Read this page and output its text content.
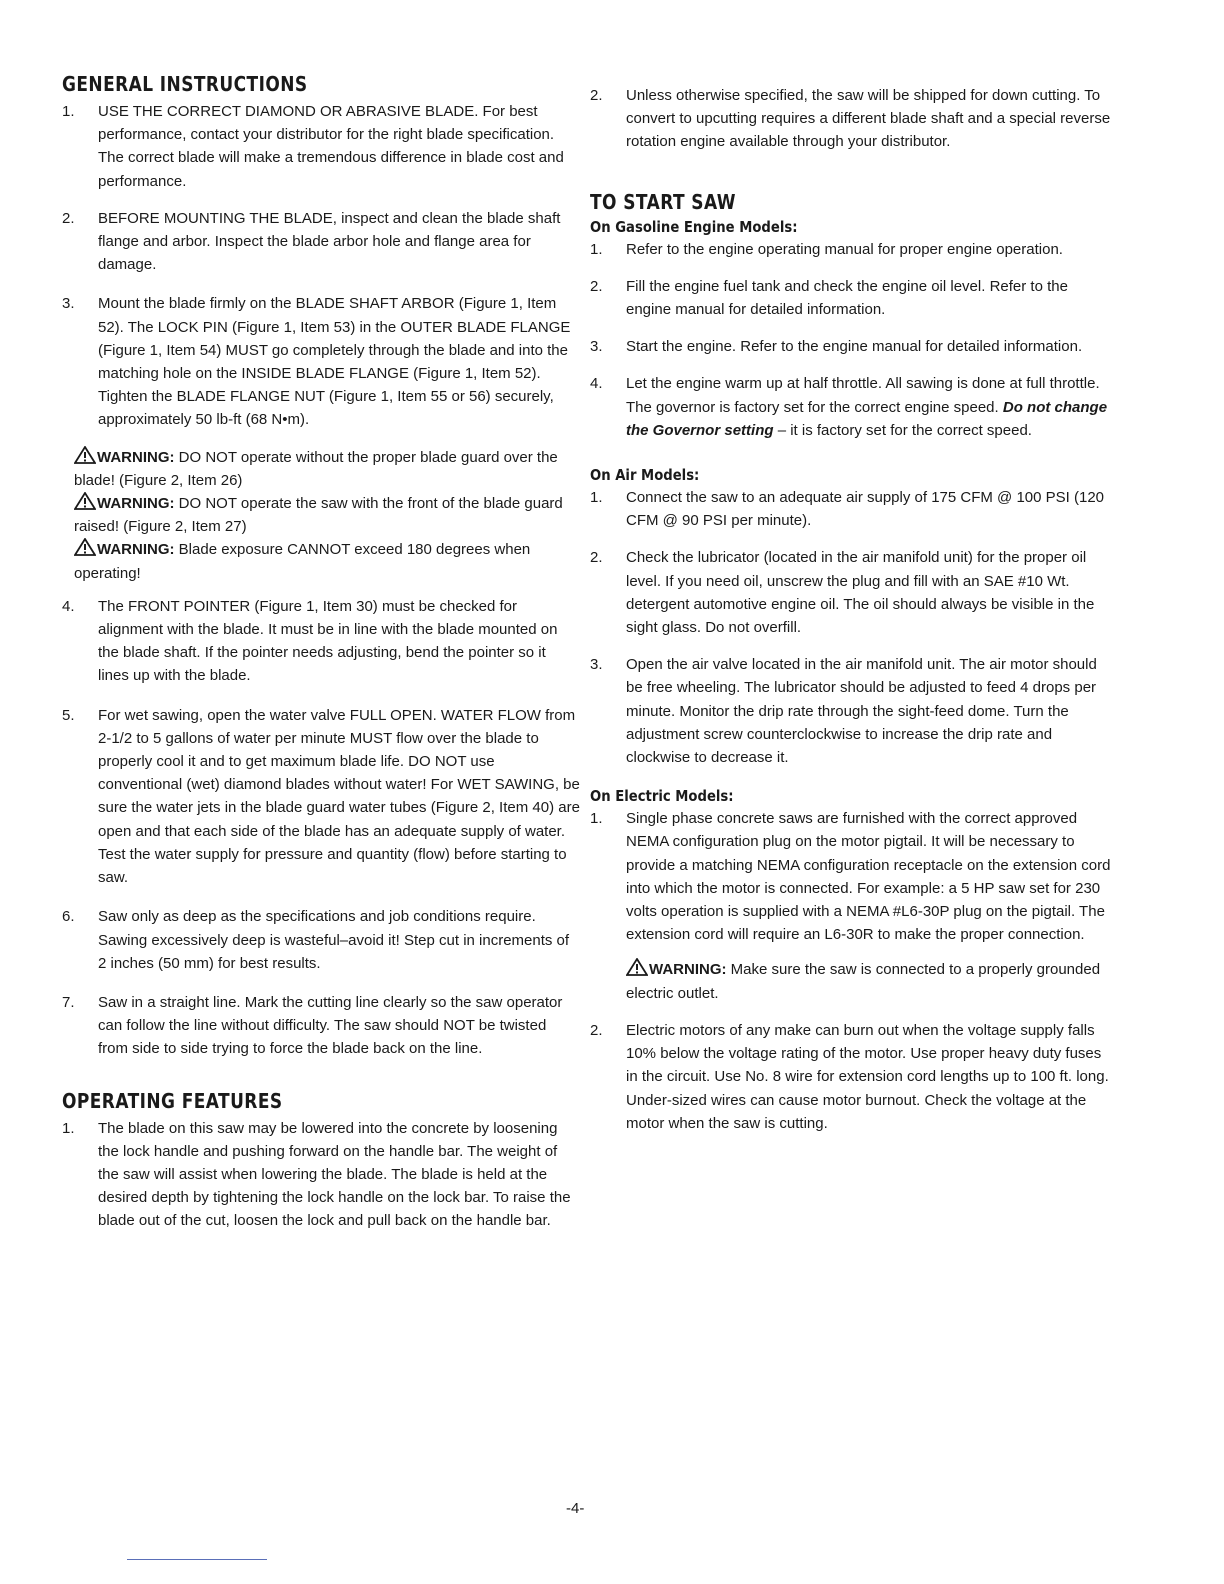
GENERAL INSTRUCTIONS
1.	USE THE CORRECT DIAMOND OR ABRASIVE BLADE. For best performance, contact your distributor for the right blade specification. The correct blade will make a tremendous difference in blade cost and performance.
2.	BEFORE MOUNTING THE BLADE, inspect and clean the blade shaft flange and arbor. Inspect the blade arbor hole and flange area for damage.
3.	Mount the blade firmly on the BLADE SHAFT ARBOR (Figure 1, Item 52). The LOCK PIN (Figure 1, Item 53) in the OUTER BLADE FLANGE (Figure 1, Item 54) MUST go completely through the blade and into the matching hole on the INSIDE BLADE FLANGE (Figure 1, Item 52). Tighten the BLADE FLANGE NUT (Figure 1, Item 55 or 56) securely, approximately 50 lb-ft (68 N•m).
WARNING: DO NOT operate without the proper blade guard over the blade! (Figure 2, Item 26)
WARNING: DO NOT operate the saw with the front of the blade guard raised! (Figure 2, Item 27)
WARNING: Blade exposure CANNOT exceed 180 degrees when operating!
4.	The FRONT POINTER (Figure 1, Item 30) must be checked for alignment with the blade. It must be in line with the blade mounted on the blade shaft. If the pointer needs adjusting, bend the pointer so it lines up with the blade.
5.	For wet sawing, open the water valve FULL OPEN. WATER FLOW from 2-1/2 to 5 gallons of water per minute MUST flow over the blade to properly cool it and to get maximum blade life. DO NOT use conventional (wet) diamond blades without water! For WET SAWING, be sure the water jets in the blade guard water tubes (Figure 2, Item 40) are open and that each side of the blade has an adequate supply of water. Test the water supply for pressure and quantity (flow) before starting to saw.
6.	Saw only as deep as the specifications and job conditions require. Sawing excessively deep is wasteful–avoid it! Step cut in increments of 2 inches (50 mm) for best results.
7.	Saw in a straight line. Mark the cutting line clearly so the saw operator can follow the line without difficulty. The saw should NOT be twisted from side to side trying to force the blade back on the line.
OPERATING FEATURES
1.	The blade on this saw may be lowered into the concrete by loosening the lock handle and pushing forward on the handle bar. The weight of the saw will assist when lowering the blade. The blade is held at the desired depth by tightening the lock handle on the lock bar. To raise the blade out of the cut, loosen the lock and pull back on the handle bar.
2.	Unless otherwise specified, the saw will be shipped for down cutting. To convert to upcutting requires a different blade shaft and a special reverse rotation engine available through your distributor.
TO START SAW
On Gasoline Engine Models:
1.	Refer to the engine operating manual for proper engine operation.
2.	Fill the engine fuel tank and check the engine oil level. Refer to the engine manual for detailed information.
3.	Start the engine. Refer to the engine manual for detailed information.
4.	Let the engine warm up at half throttle. All sawing is done at full throttle. The governor is factory set for the correct engine speed. Do not change the Governor setting – it is factory set for the correct speed.
On Air Models:
1.	Connect the saw to an adequate air supply of 175 CFM @ 100 PSI (120 CFM @ 90 PSI per minute).
2.	Check the lubricator (located in the air manifold unit) for the proper oil level. If you need oil, unscrew the plug and fill with an SAE #10 Wt. detergent automotive engine oil. The oil should always be visible in the sight glass. Do not overfill.
3.	Open the air valve located in the air manifold unit. The air motor should be free wheeling. The lubricator should be adjusted to feed 4 drops per minute. Monitor the drip rate through the sight-feed dome. Turn the adjustment screw counterclockwise to increase the drip rate and clockwise to decrease it.
On Electric Models:
1.	Single phase concrete saws are furnished with the correct approved NEMA configuration plug on the motor pigtail. It will be necessary to provide a matching NEMA configuration receptacle on the extension cord into which the motor is connected. For example: a 5 HP saw set for 230 volts operation is supplied with a NEMA #L6-30P plug on the pigtail. The extension cord will require an L6-30R to make the proper connection.
WARNING: Make sure the saw is connected to a properly grounded electric outlet.
2.	Electric motors of any make can burn out when the voltage supply falls 10% below the voltage rating of the motor. Use proper heavy duty fuses in the circuit. Use No. 8 wire for extension cord lengths up to 100 ft. long. Under-sized wires can cause motor burnout. Check the voltage at the motor when the saw is cutting.
-4-
